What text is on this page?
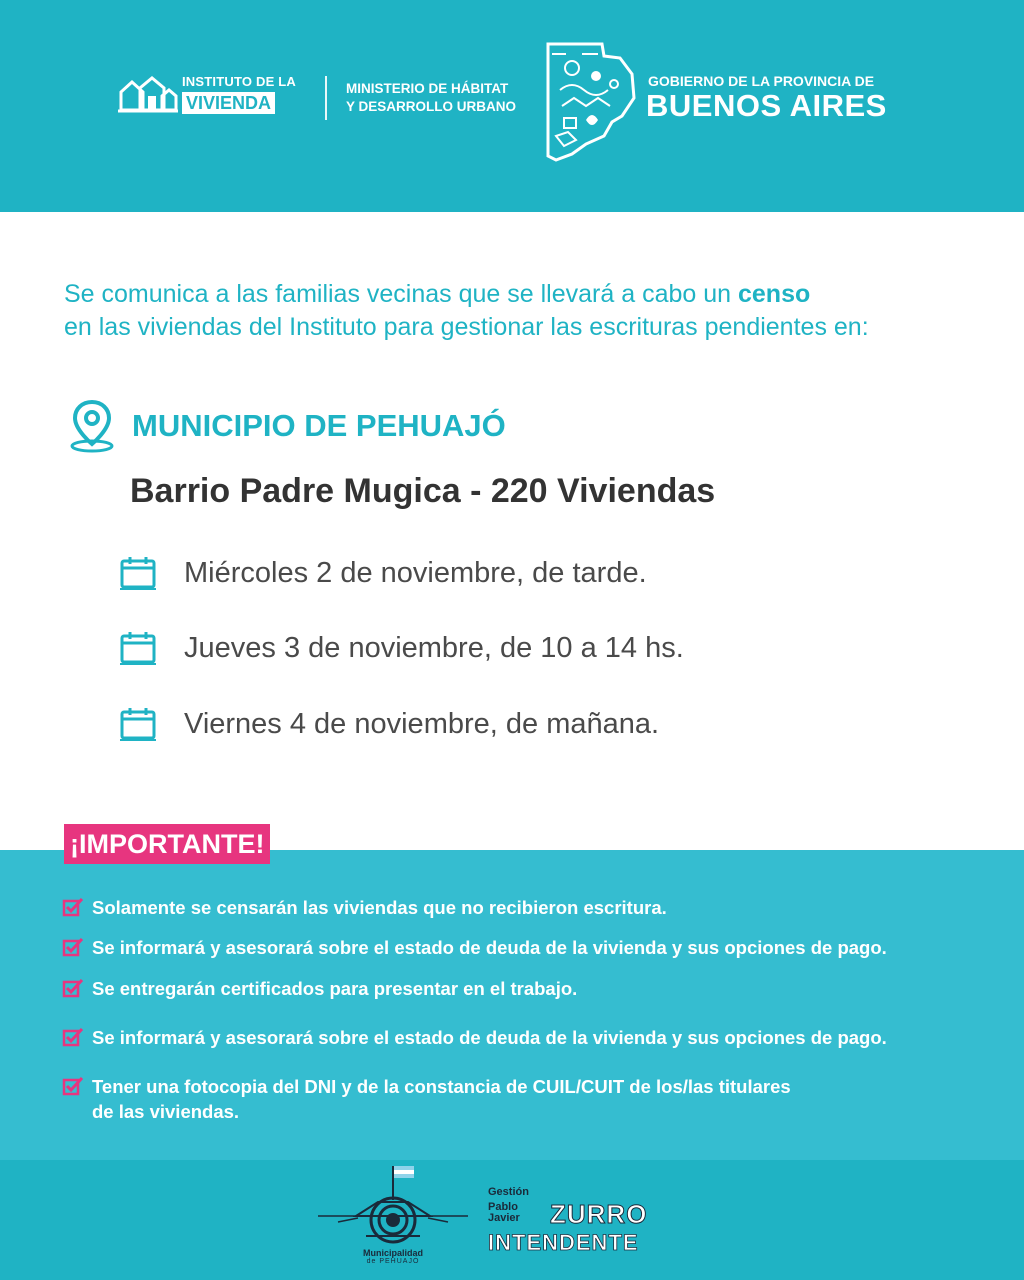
INSTITUTO DE LA
VIVIENDA
MINISTERIO DE HÁBITAT
Y DESARROLLO URBANO
GOBIERNO DE LA PROVINCIA DE
BUENOS AIRES
Se comunica a las familias vecinas que se llevará a cabo un censo
en las viviendas del Instituto para gestionar las escrituras pendientes en:
MUNICIPIO DE PEHUAJÓ
Barrio Padre Mugica - 220 Viviendas
Miércoles 2 de noviembre, de tarde.
Jueves 3 de noviembre, de 10 a 14 hs.
Viernes 4 de noviembre, de mañana.
¡IMPORTANTE!
Solamente se censarán las viviendas que no recibieron escritura.
Se informará y asesorará sobre el estado de deuda de la vivienda y sus opciones de pago.
Se entregarán certificados para presentar en el trabajo.
Se informará y asesorará sobre el estado de deuda de la vivienda y sus opciones de pago.
Tener una fotocopia del DNI y de la constancia de CUIL/CUIT de los/las titulares de las viviendas.
Municipalidad
de PEHUAJÓ
Gestión
Pablo Javier	ZURRO
INTENDENTE
